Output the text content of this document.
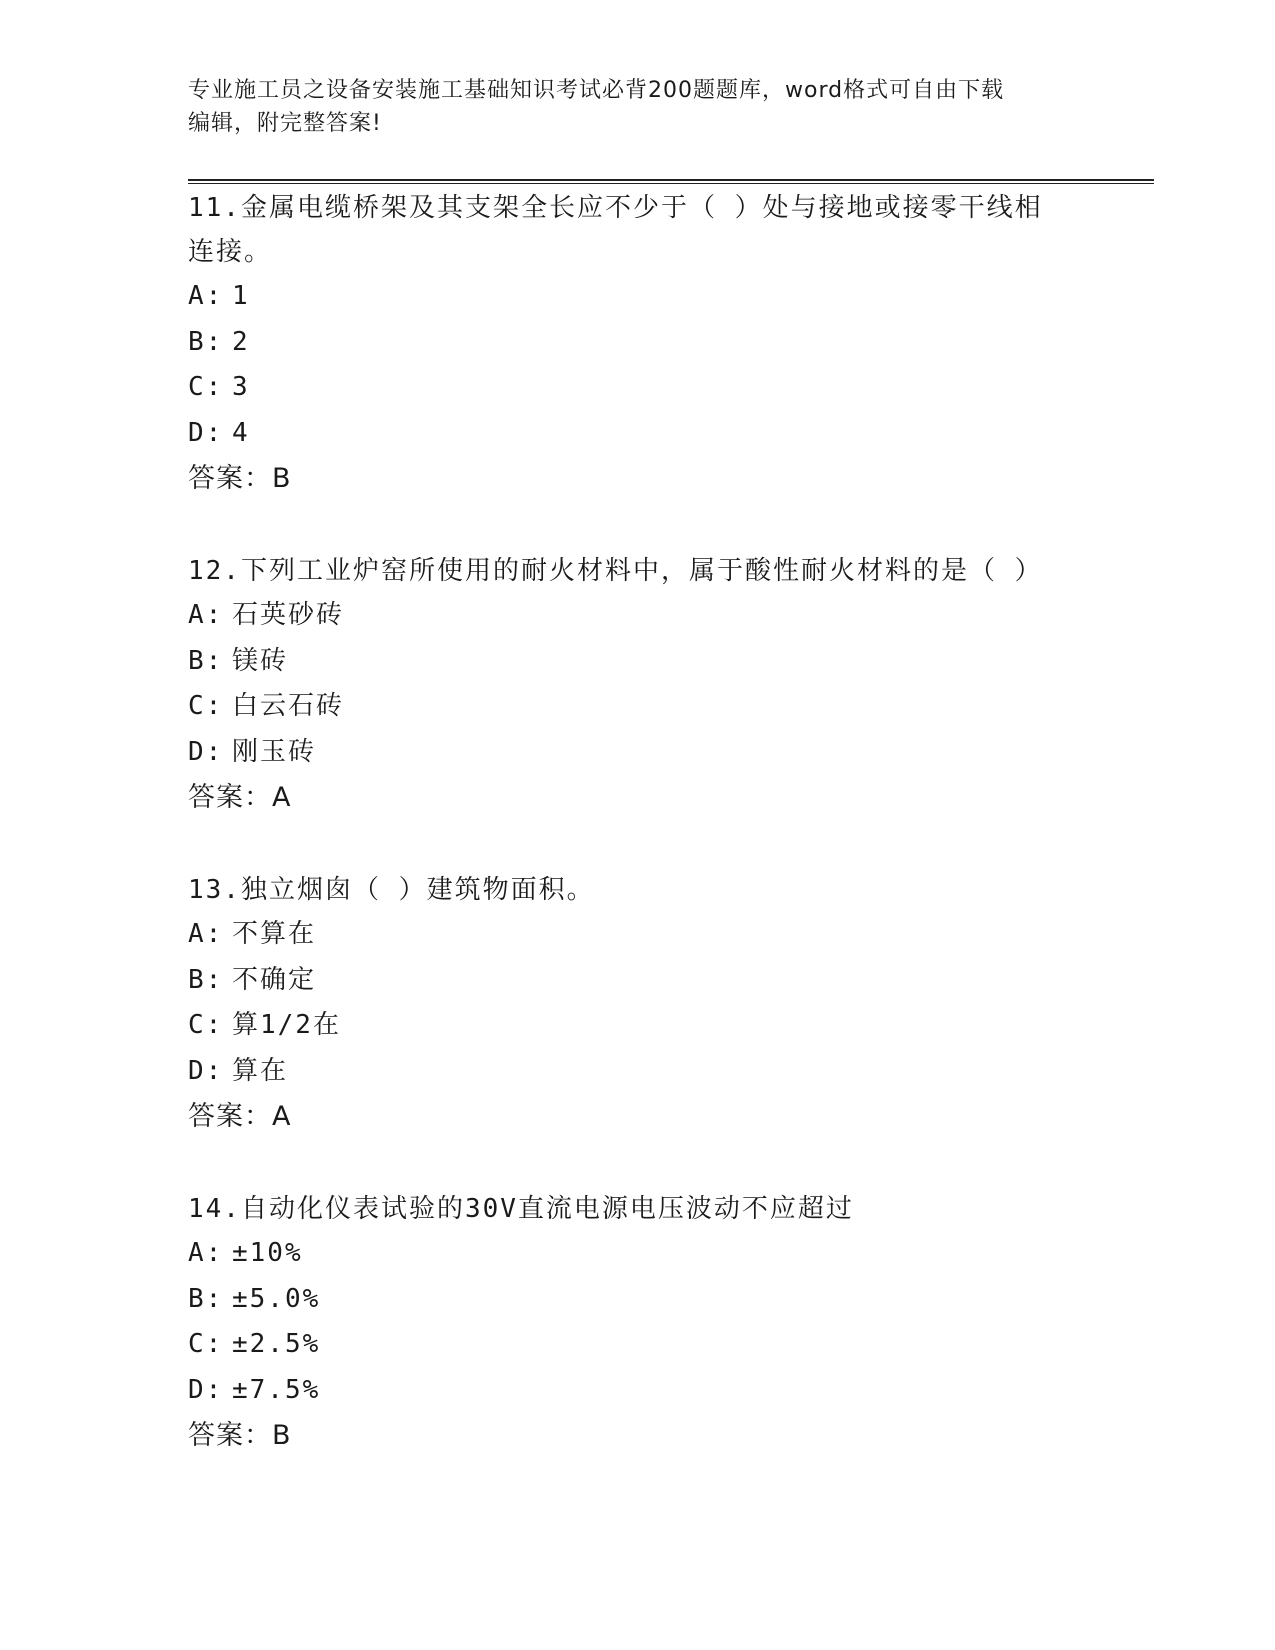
专业施工员之设备安装施工基础知识考试必背200题题库，word格式可自由下载
编辑，附完整答案!
11.金属电缆桥架及其支架全长应不少于（ ）处与接地或接零干线相连接。
A: 1
B: 2
C: 3
D: 4
答案：B
12.下列工业炉窑所使用的耐火材料中，属于酸性耐火材料的是（ ）
A: 石英砂砖
B: 镁砖
C: 白云石砖
D: 刚玉砖
答案：A
13.独立烟囱（ ）建筑物面积。
A: 不算在
B: 不确定
C: 算1/2在
D: 算在
答案：A
14.自动化仪表试验的30V直流电源电压波动不应超过
A: ±10%
B: ±5.0%
C: ±2.5%
D: ±7.5%
答案：B
